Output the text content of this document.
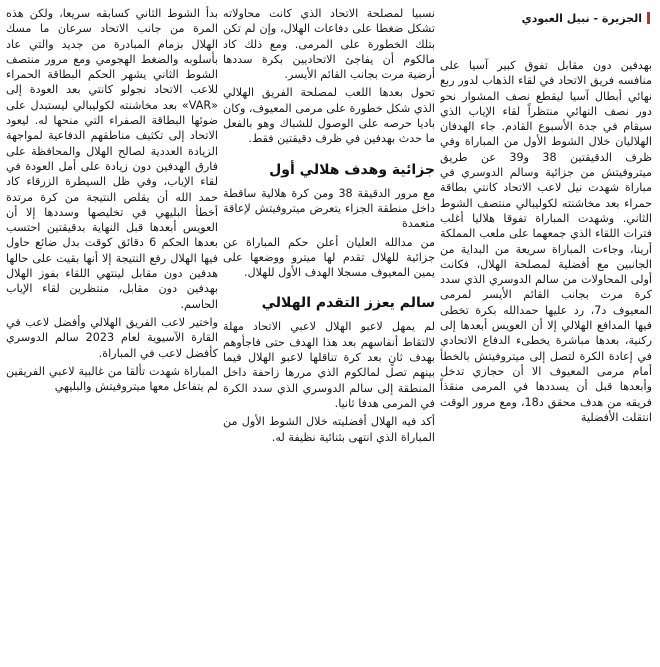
الجزيرة - نبيل العبودي

بهدفين دون مقابل تفوق كبير آسيا على منافسه فريق الاتحاد في لقاء الذهاب لدور ربع نهائي أبطال آسيا ليقطع نصف المشوار نحو دور نصف النهائي منتظراً لقاء الإياب الذي سيقام في جدة الأسبوع القادم. جاء الهدفان الهلاليان خلال الشوط الأول من المباراة وفي ظرف الدقيقتين 38 و39 عن طريق ميتروفيتش من جزائية وسالم الدوسري في مباراة شهدت نيل لاعب الاتحاد كانتي بطاقة حمراء بعد مخاشنته لكوليبالي منتصف الشوط الثاني. وشهدت المباراة تفوقا هلاليا أغلب فترات اللقاء الذي جمعهما على ملعب المملكة أرينا، وجاءت المباراة سريعة من البداية من الجانبين مع أفضلية لمصلحة الهلال، فكانت أولى المحاولات من سالم الدوسري الذي سدد كرة مرت بجانب القائم الأيسر لمرمى المعيوف د7، رد عليها حمدالله بكرة تخطى فيها المدافع الهلالي إلا أن العويس أبعدها إلى ركنية، بعدها مباشرة يخطىء الدفاع الاتحادي في إعادة الكرة لتصل إلى ميتروفيتش بالخطأ أمام مرمى المعيوف الا أن حجازي تدخل وأبعدها قبل أن يسددها في المرمى منقذاً فريقه من هدف محقق د18، ومع مرور الوقت انتقلت الأفضلية

نسبيا لمصلحة الاتحاد الذي كانت محاولاته تشكل ضغطا على دفاعات الهلال، وإن لم تكن بتلك الخطورة على المرمى. ومع ذلك كاد مالكوم أن يفاجئ الاتحاديين بكرة سددها أرضية مرت بجانب القائم الأيسر.

تحول بعدها اللعب لمصلحة الفريق الهلالي الذي شكل خطورة على مرمى المعيوف، وكان باديا حرصه على الوصول للشباك وهو بالفعل ما حدث بهدفين في ظرف دقيقتين فقط.

جزائية وهدف هلالي أول

مع مرور الدقيقة 38 ومن كرة هلالية ساقطة داخل منطقة الجزاء يتعرض ميتروفيتش لإعاقة متعمدة

من مدالله العليان أعلن حكم المباراة عن جزائية للهلال تقدم لها ميترو ووضعها على يمين المعيوف مسجلا الهدف الأول للهلال.

سالم يعزز التقدم الهلالي

لم يمهل لاعبو الهلال لاعبي الاتحاد مهلة لالتقاط أنفاسهم بعد هذا الهدف حتى فاجأوهم بهدف ثانٍ بعد كرة تناقلها لاعبو الهلال فيما بينهم تصل لمالكوم الذي مررها زاحفة داخل المنطقة إلى سالم الدوسري الذي سدد الكرة في المرمى هدفا ثانيا.

أكد فيه الهلال أفضليته خلال الشوط الأول من المباراة الذي انتهى بثنائية نظيفة له.

بدأ الشوط الثاني كسابقه سريعا، ولكن هذه المرة من جانب الاتحاد سرعان ما مسك الهلال بزمام المبادرة من جديد والتي عاد بأسلوبه والضغط الهجومي ومع مرور منتصف الشوط الثاني يشهر الحكم البطاقة الحمراء للاعب الاتحاد نجولو كانتي بعد العودة إلى «VAR» بعد مخاشنته لكوليبالي ليستبدل على ضوئها البطاقة الصفراء التي منحها له. ليعود الاتحاد إلى تكثيف مناطقهم الدفاعية لمواجهة الزيادة العددية لصالح الهلال والمحافظة على فارق الهدفين دون زيادة على أمل العودة في لقاء الإياب، وفي ظل السيطرة الزرقاء كاد حمد الله أن يقلص النتيجة من كرة مرتدة أخطأ البليهي في تخليصها وسددها إلا أن العويس أبعدها قبل النهاية بدقيقتين احتسب بعدها الحكم 6 دقائق كوقت بدل ضائع حاول فيها الهلال رفع النتيجة إلا أنها بقيت على حالها هدفين دون مقابل لينتهي اللقاء بفوز الهلال بهدفين دون مقابل، منتظرين لقاء الإياب الحاسم.

واختير لاعب الفريق الهلالي وأفضل لاعب في القارة الآسيوية لعام 2023 سالم الدوسري كأفضل لاعب في المباراة.

المباراة شهدت تألقا من غالبية لاعبي الفريقين لم يتفاعل معها ميتروفيتش والبليهي
